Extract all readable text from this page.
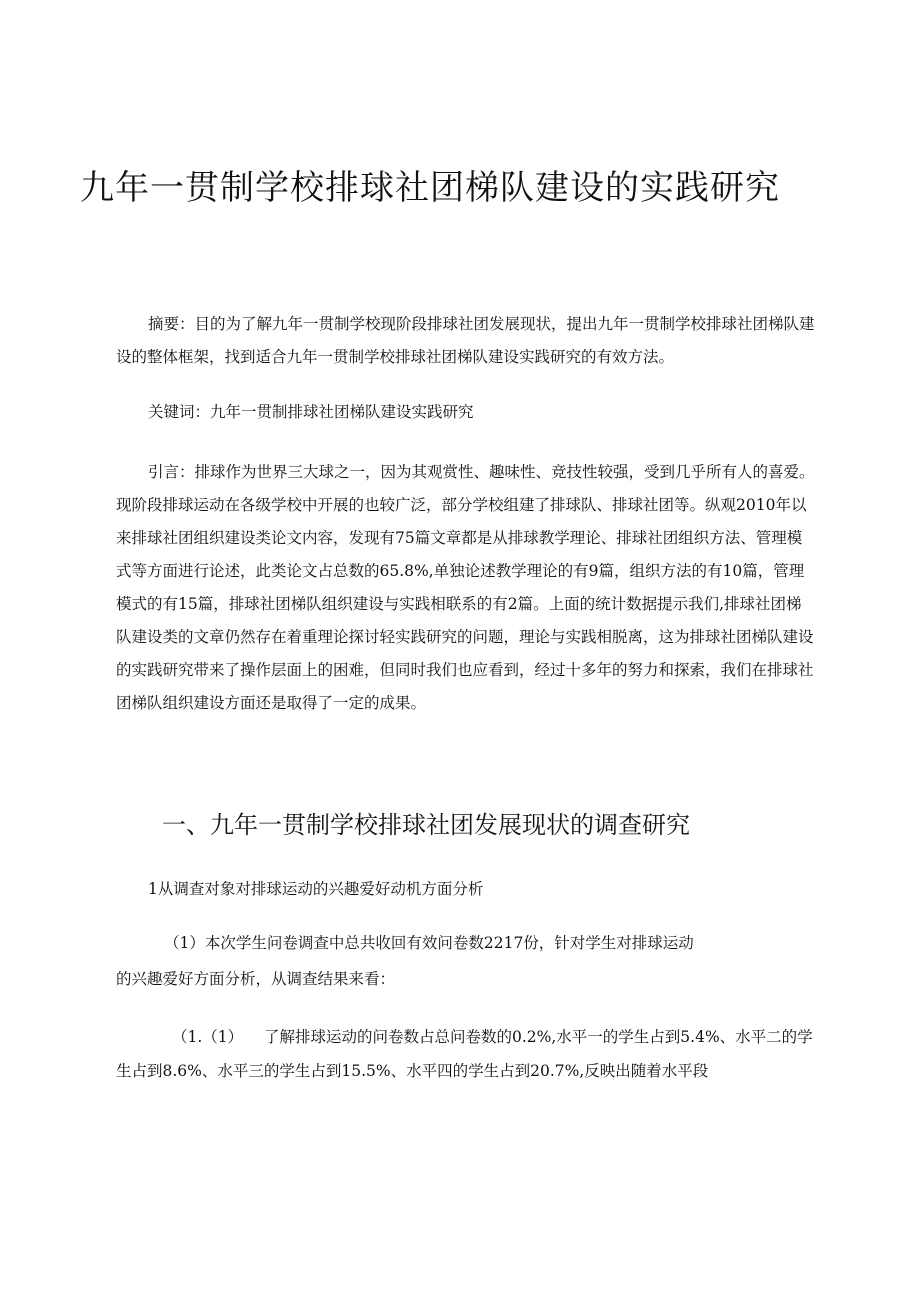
九年一贯制学校排球社团梯队建设的实践研究
摘要：目的为了解九年一贯制学校现阶段排球社团发展现状，提出九年一贯制学校排球社团梯队建设的整体框架，找到适合九年一贯制学校排球社团梯队建设实践研究的有效方法。
关键词：九年一贯制排球社团梯队建设实践研究
引言：排球作为世界三大球之一，因为其观赏性、趣味性、竞技性较强，受到几乎所有人的喜爱。现阶段排球运动在各级学校中开展的也较广泛，部分学校组建了排球队、排球社团等。纵观2010年以来排球社团组织建设类论文内容，发现有75篇文章都是从排球教学理论、排球社团组织方法、管理模式等方面进行论述，此类论文占总数的65.8%,单独论述教学理论的有9篇，组织方法的有10篇，管理模式的有15篇，排球社团梯队组织建设与实践相联系的有2篇。上面的统计数据提示我们,排球社团梯队建设类的文章仍然存在着重理论探讨轻实践研究的问题，理论与实践相脱离，这为排球社团梯队建设的实践研究带来了操作层面上的困难，但同时我们也应看到，经过十多年的努力和探索，我们在排球社团梯队组织建设方面还是取得了一定的成果。
一、九年一贯制学校排球社团发展现状的调查研究
1从调查对象对排球运动的兴趣爱好动机方面分析
（1）本次学生问卷调查中总共收回有效问卷数2217份，针对学生对排球运动
的兴趣爱好方面分析，从调查结果来看：
（1.（1） 了解排球运动的问卷数占总问卷数的0.2%,水平一的学生占到5.4%、水平二的学生占到8.6%、水平三的学生占到15.5%、水平四的学生占到20.7%,反映出随着水平段
